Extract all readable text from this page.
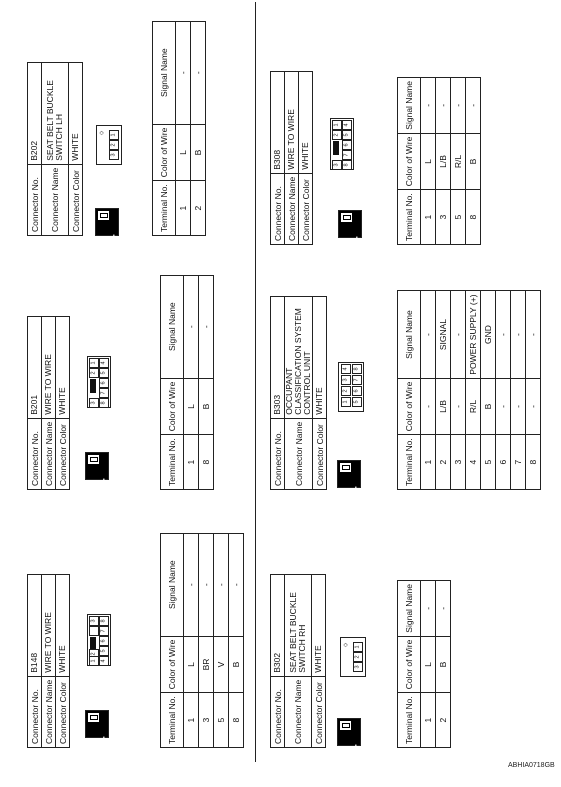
Connector No.	B148
Connector Name	WIRE TO WIRE
Connector Color	WHITE
H.S.
3

2
8
7
6
5
4
1
Terminal No.	Color of Wire	Signal Name
1	L	-
3	BR	-
5	V	-
8	B	-
Connector No.	B201
Connector Name	WIRE TO WIRE
Connector Color	WHITE
H.S.
1
2
3
4
5
6
7
8
Terminal No.	Color of Wire	Signal Name
1	L	-
8	B	-
Connector No.	B202
Connector Name	SEAT BELT BUCKLE SWITCH LH
Connector Color	WHITE
H.S.
◇	1
2
3
Terminal No.	Color of Wire	Signal Name
1	L	-
2	B	-
Connector No.	B302
Connector Name	SEAT BELT BUCKLE SWITCH RH
Connector Color	WHITE
H.S.
◇	1
2
3
Terminal No.	Color of Wire	Signal Name
1	L	-
2	B	-
Connector No.	B303
Connector Name	OCCUPANT CLASSIFICATION SYSTEM CONTROL UNIT
Connector Color	WHITE
H.S.
4
3
2
1
8
7
6
5
Terminal No.	Color of Wire	Signal Name
1	-	-
2	L/B	SIGNAL
3	-	-
4	R/L	POWER SUPPLY (+)
5	B	GND
6	-	-
7	-	-
8	-	-
Connector No.	B308
Connector Name	WIRE TO WIRE
Connector Color	WHITE
H.S.
1
2
3
4
5
6
7
8
Terminal No.	Color of Wire	Signal Name
1	L	-
3	L/B	-
5	R/L	-
8	B	-
ABHIA0718GB
